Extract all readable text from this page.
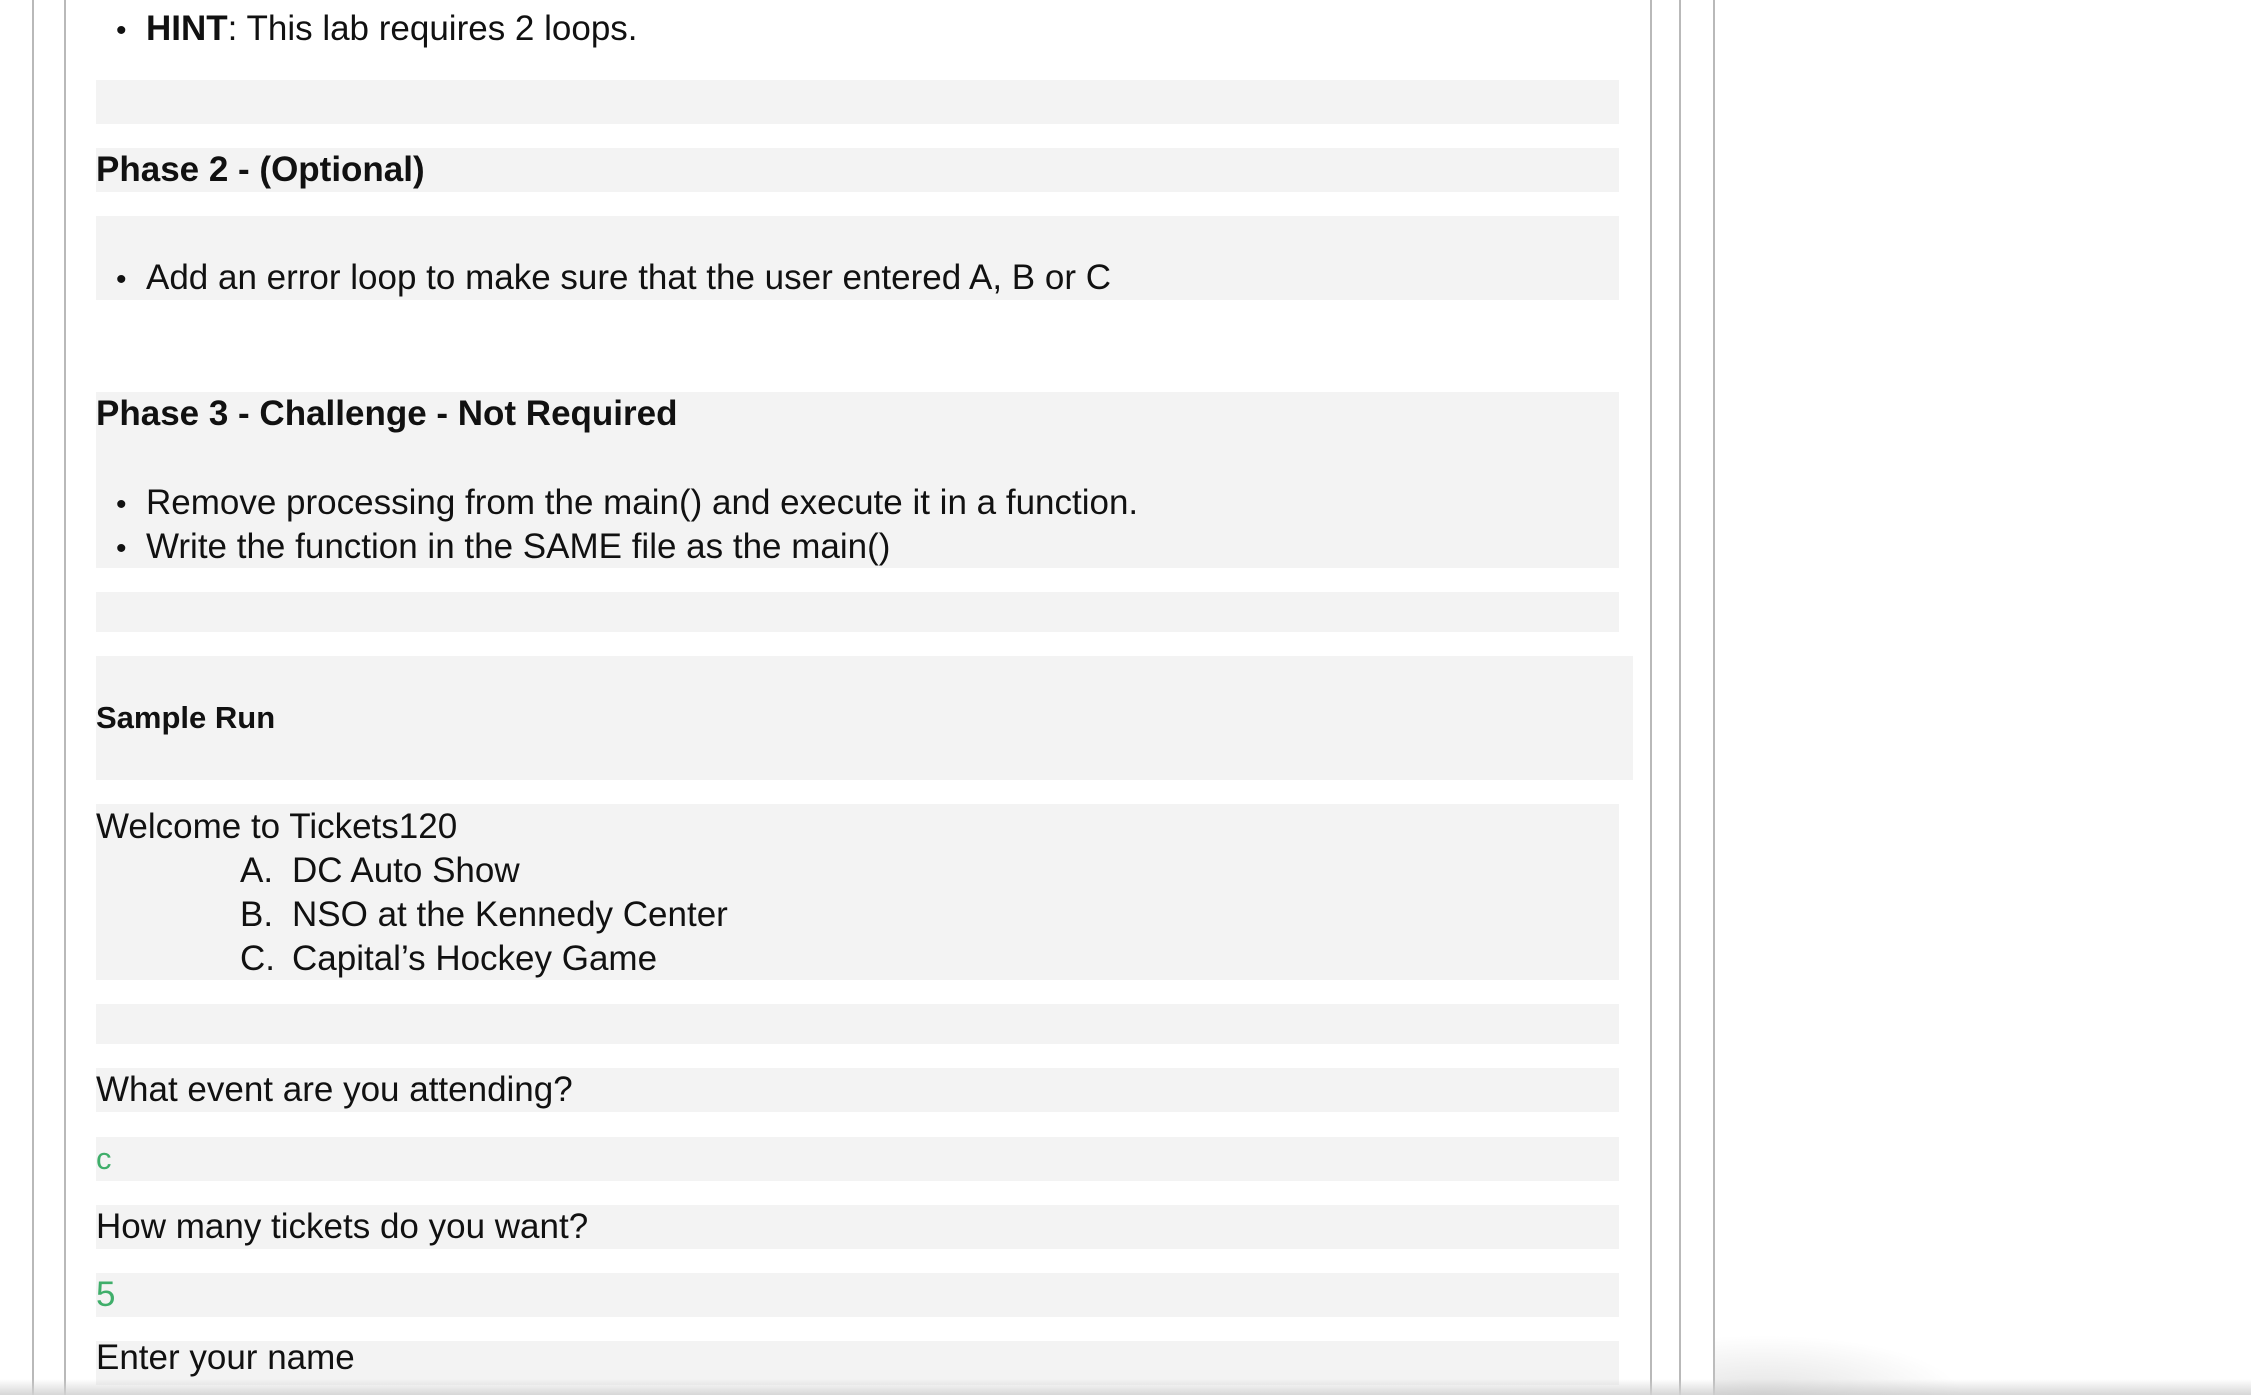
• HINT: This lab requires 2 loops.
Phase 2 - (Optional)
• Add an error loop to make sure that the user entered A, B or C
Phase 3 - Challenge - Not Required
• Remove processing from the main() and execute it in a function.
• Write the function in the SAME file as the main()
Sample Run
Welcome to Tickets120
A. DC Auto Show
B. NSO at the Kennedy Center
C. Capital’s Hockey Game
What event are you attending?
c
How many tickets do you want?
5
Enter your name
